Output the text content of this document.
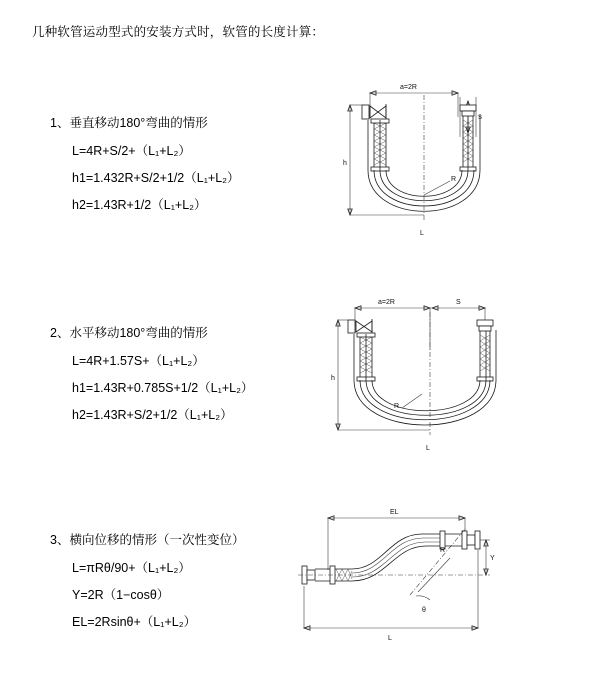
几种软管运动型式的安装方式时，软管的长度计算：
1、垂直移动180°弯曲的情形
L=4R+S/2+（L₁+L₂）
h1=1.432R+S/2+1/2（L₁+L₂）
h2=1.43R+1/2（L₁+L₂）
a=2R
S
R
L
h
2、水平移动180°弯曲的情形
L=4R+1.57S+（L₁+L₂）
h1=1.43R+0.785S+1/2（L₁+L₂）
h2=1.43R+S/2+1/2（L₁+L₂）
a=2R	S
R
L
h
3、横向位移的情形（一次性变位）
L=πRθ/90+（L₁+L₂）
Y=2R（1−cosθ）
EL=2Rsinθ+（L₁+L₂）
EL
Y
R
θ
L
